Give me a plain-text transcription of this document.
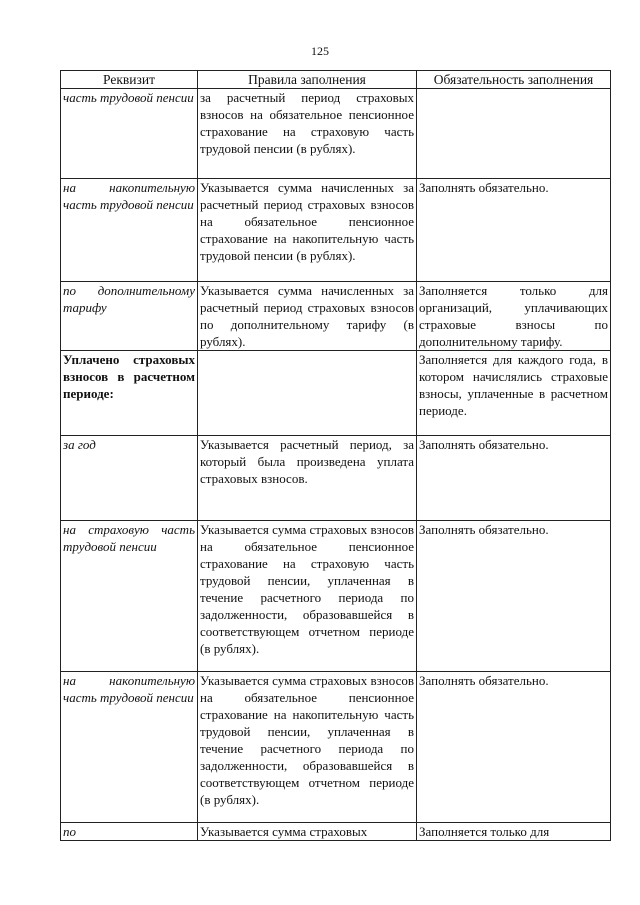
125
Реквизит	Правила заполнения	Обязательность заполнения
часть трудовой пенсии	за расчетный период страховых взносов на обязательное пенсионное страхование на страховую часть трудовой пенсии (в рублях).	
на накопительную часть трудовой пенсии	Указывается сумма начисленных за расчетный период страховых взносов на обязательное пенсионное страхование на накопительную часть трудовой пенсии (в рублях).	Заполнять обязательно.
по дополнительному тарифу	Указывается сумма начисленных за расчетный период страховых взносов по дополнительному тарифу (в рублях).	Заполняется только для организаций, уплачивающих страховые взносы по дополнительному тарифу.
Уплачено страховых взносов в расчетном периоде:		Заполняется для каждого года, в котором начислялись страховые взносы, уплаченные в расчетном периоде.
за год	Указывается расчетный период, за который была произведена уплата страховых взносов.	Заполнять обязательно.
на страховую часть трудовой пенсии	Указывается сумма страховых взносов на обязательное пенсионное страхование на страховую часть трудовой пенсии, уплаченная в течение расчетного периода по задолженности, образовавшейся в соответствующем отчетном периоде (в рублях).	Заполнять обязательно.
на накопительную часть трудовой пенсии	Указывается сумма страховых взносов на обязательное пенсионное страхование на накопительную часть трудовой пенсии, уплаченная в течение расчетного периода по задолженности, образовавшейся в соответствующем отчетном периоде (в рублях).	Заполнять обязательно.
по	Указывается сумма страховых	Заполняется только для
